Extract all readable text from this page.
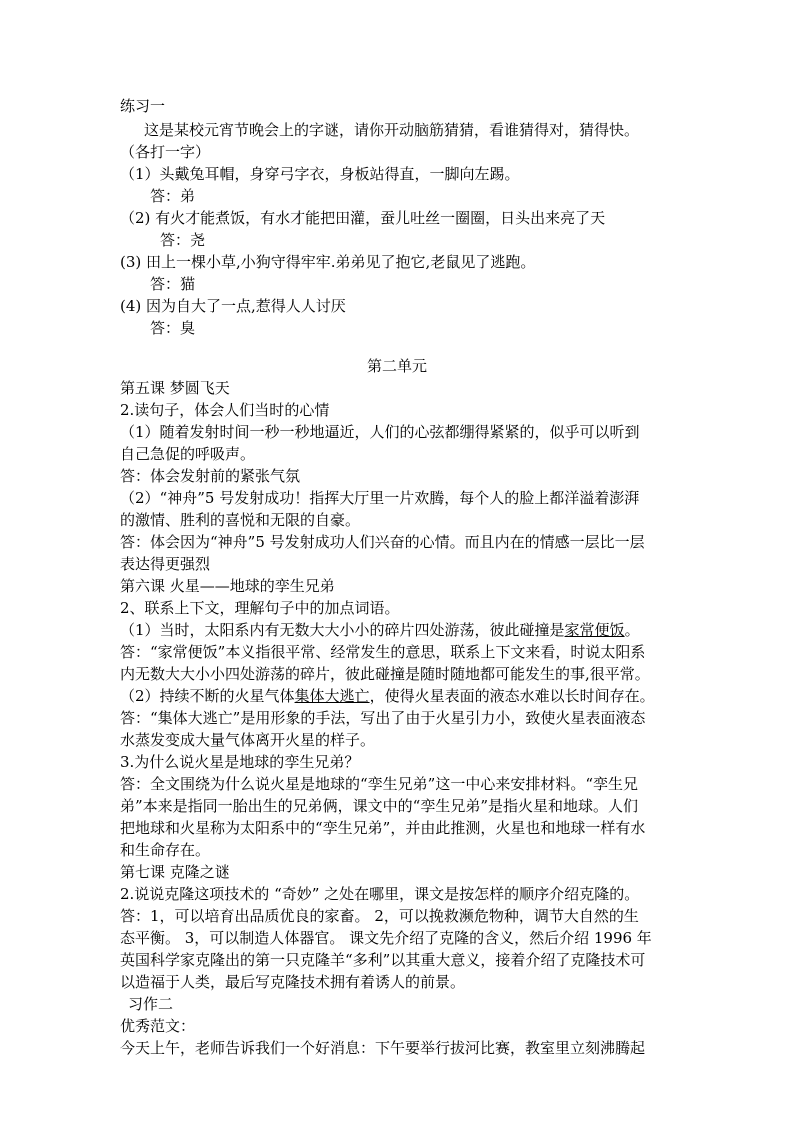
练习一
这是某校元宵节晚会上的字谜，请你开动脑筋猜猜，看谁猜得对，猜得快。
（各打一字）
（1）头戴兔耳帽，身穿弓字衣，身板站得直，一脚向左踢。
答：弟
（2) 有火才能煮饭，有水才能把田灌，蚕儿吐丝一圈圈，日头出来亮了天
答：尧
(3) 田上一棵小草,小狗守得牢牢.弟弟见了抱它,老鼠见了逃跑。
答：猫
(4) 因为自大了一点,惹得人人讨厌
答：臭
第二单元
第五课 梦圆飞天
2.读句子，体会人们当时的心情
（1）随着发射时间一秒一秒地逼近，人们的心弦都绷得紧紧的，似乎可以听到
自己急促的呼吸声。
答：体会发射前的紧张气氛
（2）“神舟”5 号发射成功！指挥大厅里一片欢腾，每个人的脸上都洋溢着澎湃
的激情、胜利的喜悦和无限的自豪。
答：体会因为“神舟”5 号发射成功人们兴奋的心情。而且内在的情感一层比一层
表达得更强烈
第六课 火星——地球的孪生兄弟
2、联系上下文，理解句子中的加点词语。
（1）当时，太阳系内有无数大大小小的碎片四处游荡，彼此碰撞是家常便饭。
答：“家常便饭”本义指很平常、经常发生的意思，联系上下文来看，时说太阳系
内无数大大小小四处游荡的碎片，彼此碰撞是随时随地都可能发生的事,很平常。
（2）持续不断的火星气体集体大逃亡，使得火星表面的液态水难以长时间存在。
答：“集体大逃亡”是用形象的手法，写出了由于火星引力小，致使火星表面液态
水蒸发变成大量气体离开火星的样子。
3.为什么说火星是地球的孪生兄弟？
答：全文围绕为什么说火星是地球的“孪生兄弟”这一中心来安排材料。“孪生兄
弟”本来是指同一胎出生的兄弟俩，课文中的“孪生兄弟”是指火星和地球。人们
把地球和火星称为太阳系中的“孪生兄弟”，并由此推测，火星也和地球一样有水
和生命存在。
第七课 克隆之谜
2.说说克隆这项技术的 “奇妙” 之处在哪里，课文是按怎样的顺序介绍克隆的。
答：1，可以培育出品质优良的家畜。 2，可以挽救濒危物种，调节大自然的生
态平衡。 3，可以制造人体器官。 课文先介绍了克隆的含义，然后介绍 1996 年
英国科学家克隆出的第一只克隆羊“多利”以其重大意义，接着介绍了克隆技术可
以造福于人类，最后写克隆技术拥有着诱人的前景。
习作二
优秀范文：
今天上午，老师告诉我们一个好消息：下午要举行拔河比赛，教室里立刻沸腾起
